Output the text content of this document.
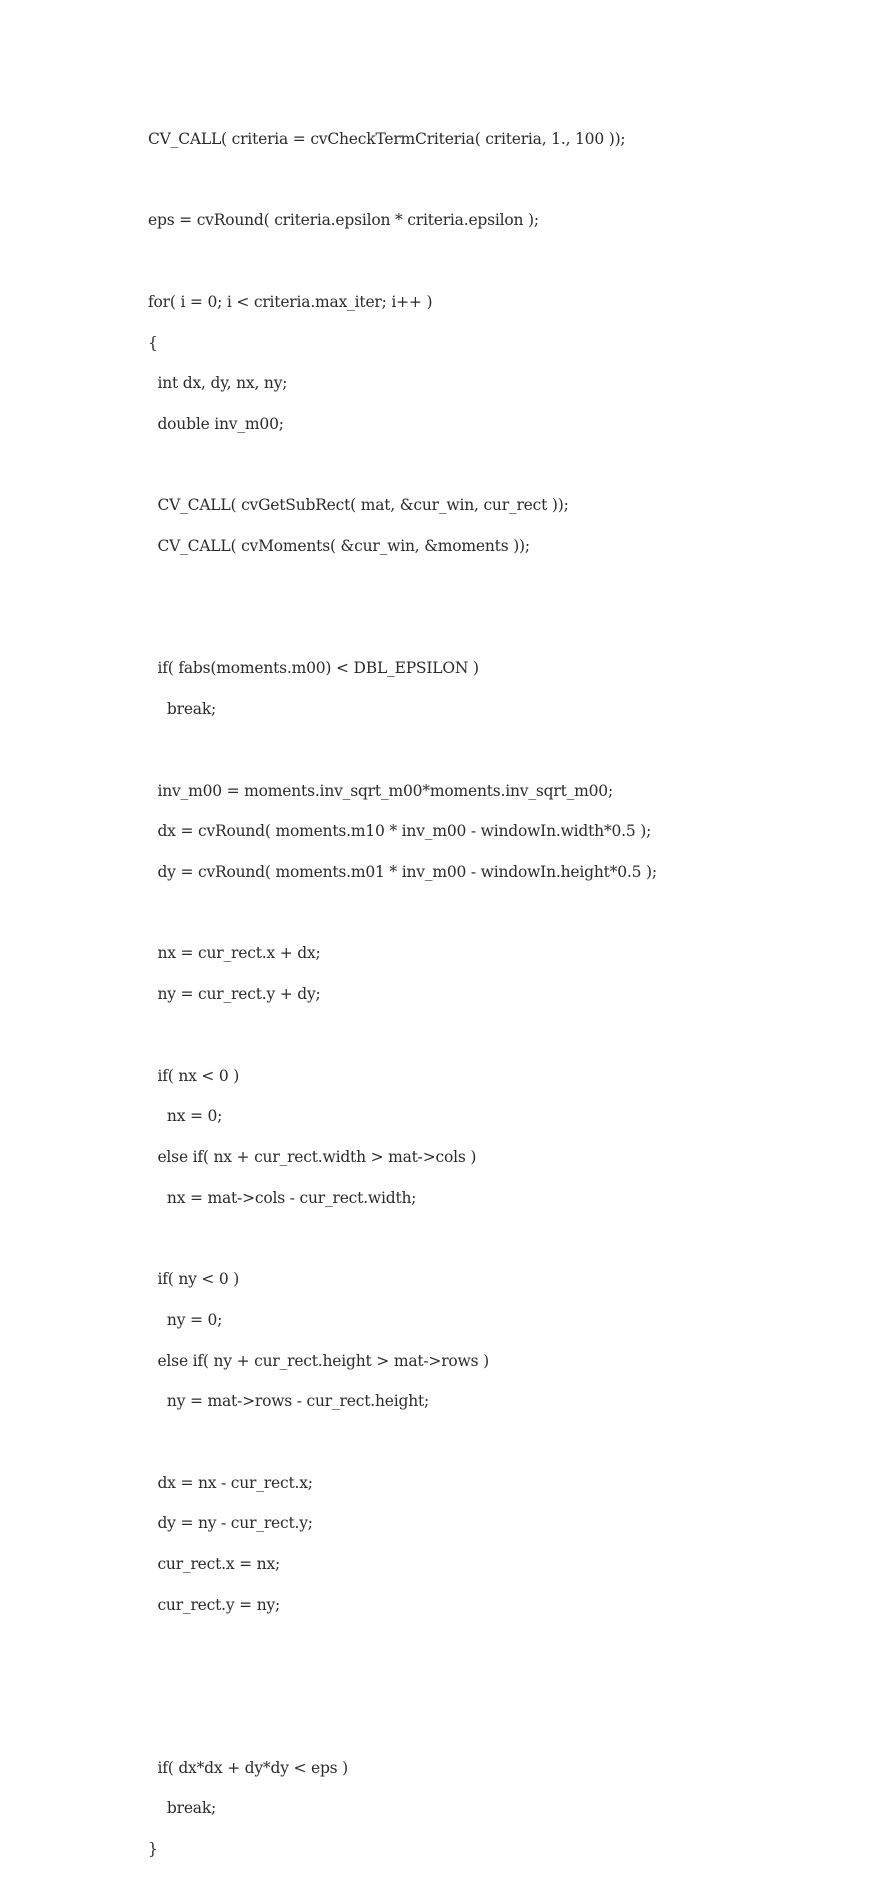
CV_CALL( criteria = cvCheckTermCriteria( criteria, 1., 100 ));

eps = cvRound( criteria.epsilon * criteria.epsilon );

for( i = 0; i < criteria.max_iter; i++ )

{

int dx, dy, nx, ny;

double inv_m00;

CV_CALL( cvGetSubRect( mat, &cur_win, cur_rect ));

CV_CALL( cvMoments( &cur_win, &moments ));

if( fabs(moments.m00) < DBL_EPSILON )

break;

inv_m00 = moments.inv_sqrt_m00*moments.inv_sqrt_m00;

dx = cvRound( moments.m10 * inv_m00 - windowIn.width*0.5 );

dy = cvRound( moments.m01 * inv_m00 - windowIn.height*0.5 );

nx = cur_rect.x + dx;

ny = cur_rect.y + dy;

if( nx < 0 )

nx = 0;

else if( nx + cur_rect.width > mat->cols )

nx = mat->cols - cur_rect.width;

if( ny < 0 )

ny = 0;

else if( ny + cur_rect.height > mat->rows )

ny = mat->rows - cur_rect.height;

dx = nx - cur_rect.x;

dy = ny - cur_rect.y;

cur_rect.x = nx;

cur_rect.y = ny;

if( dx*dx + dy*dy < eps )

break;

}
